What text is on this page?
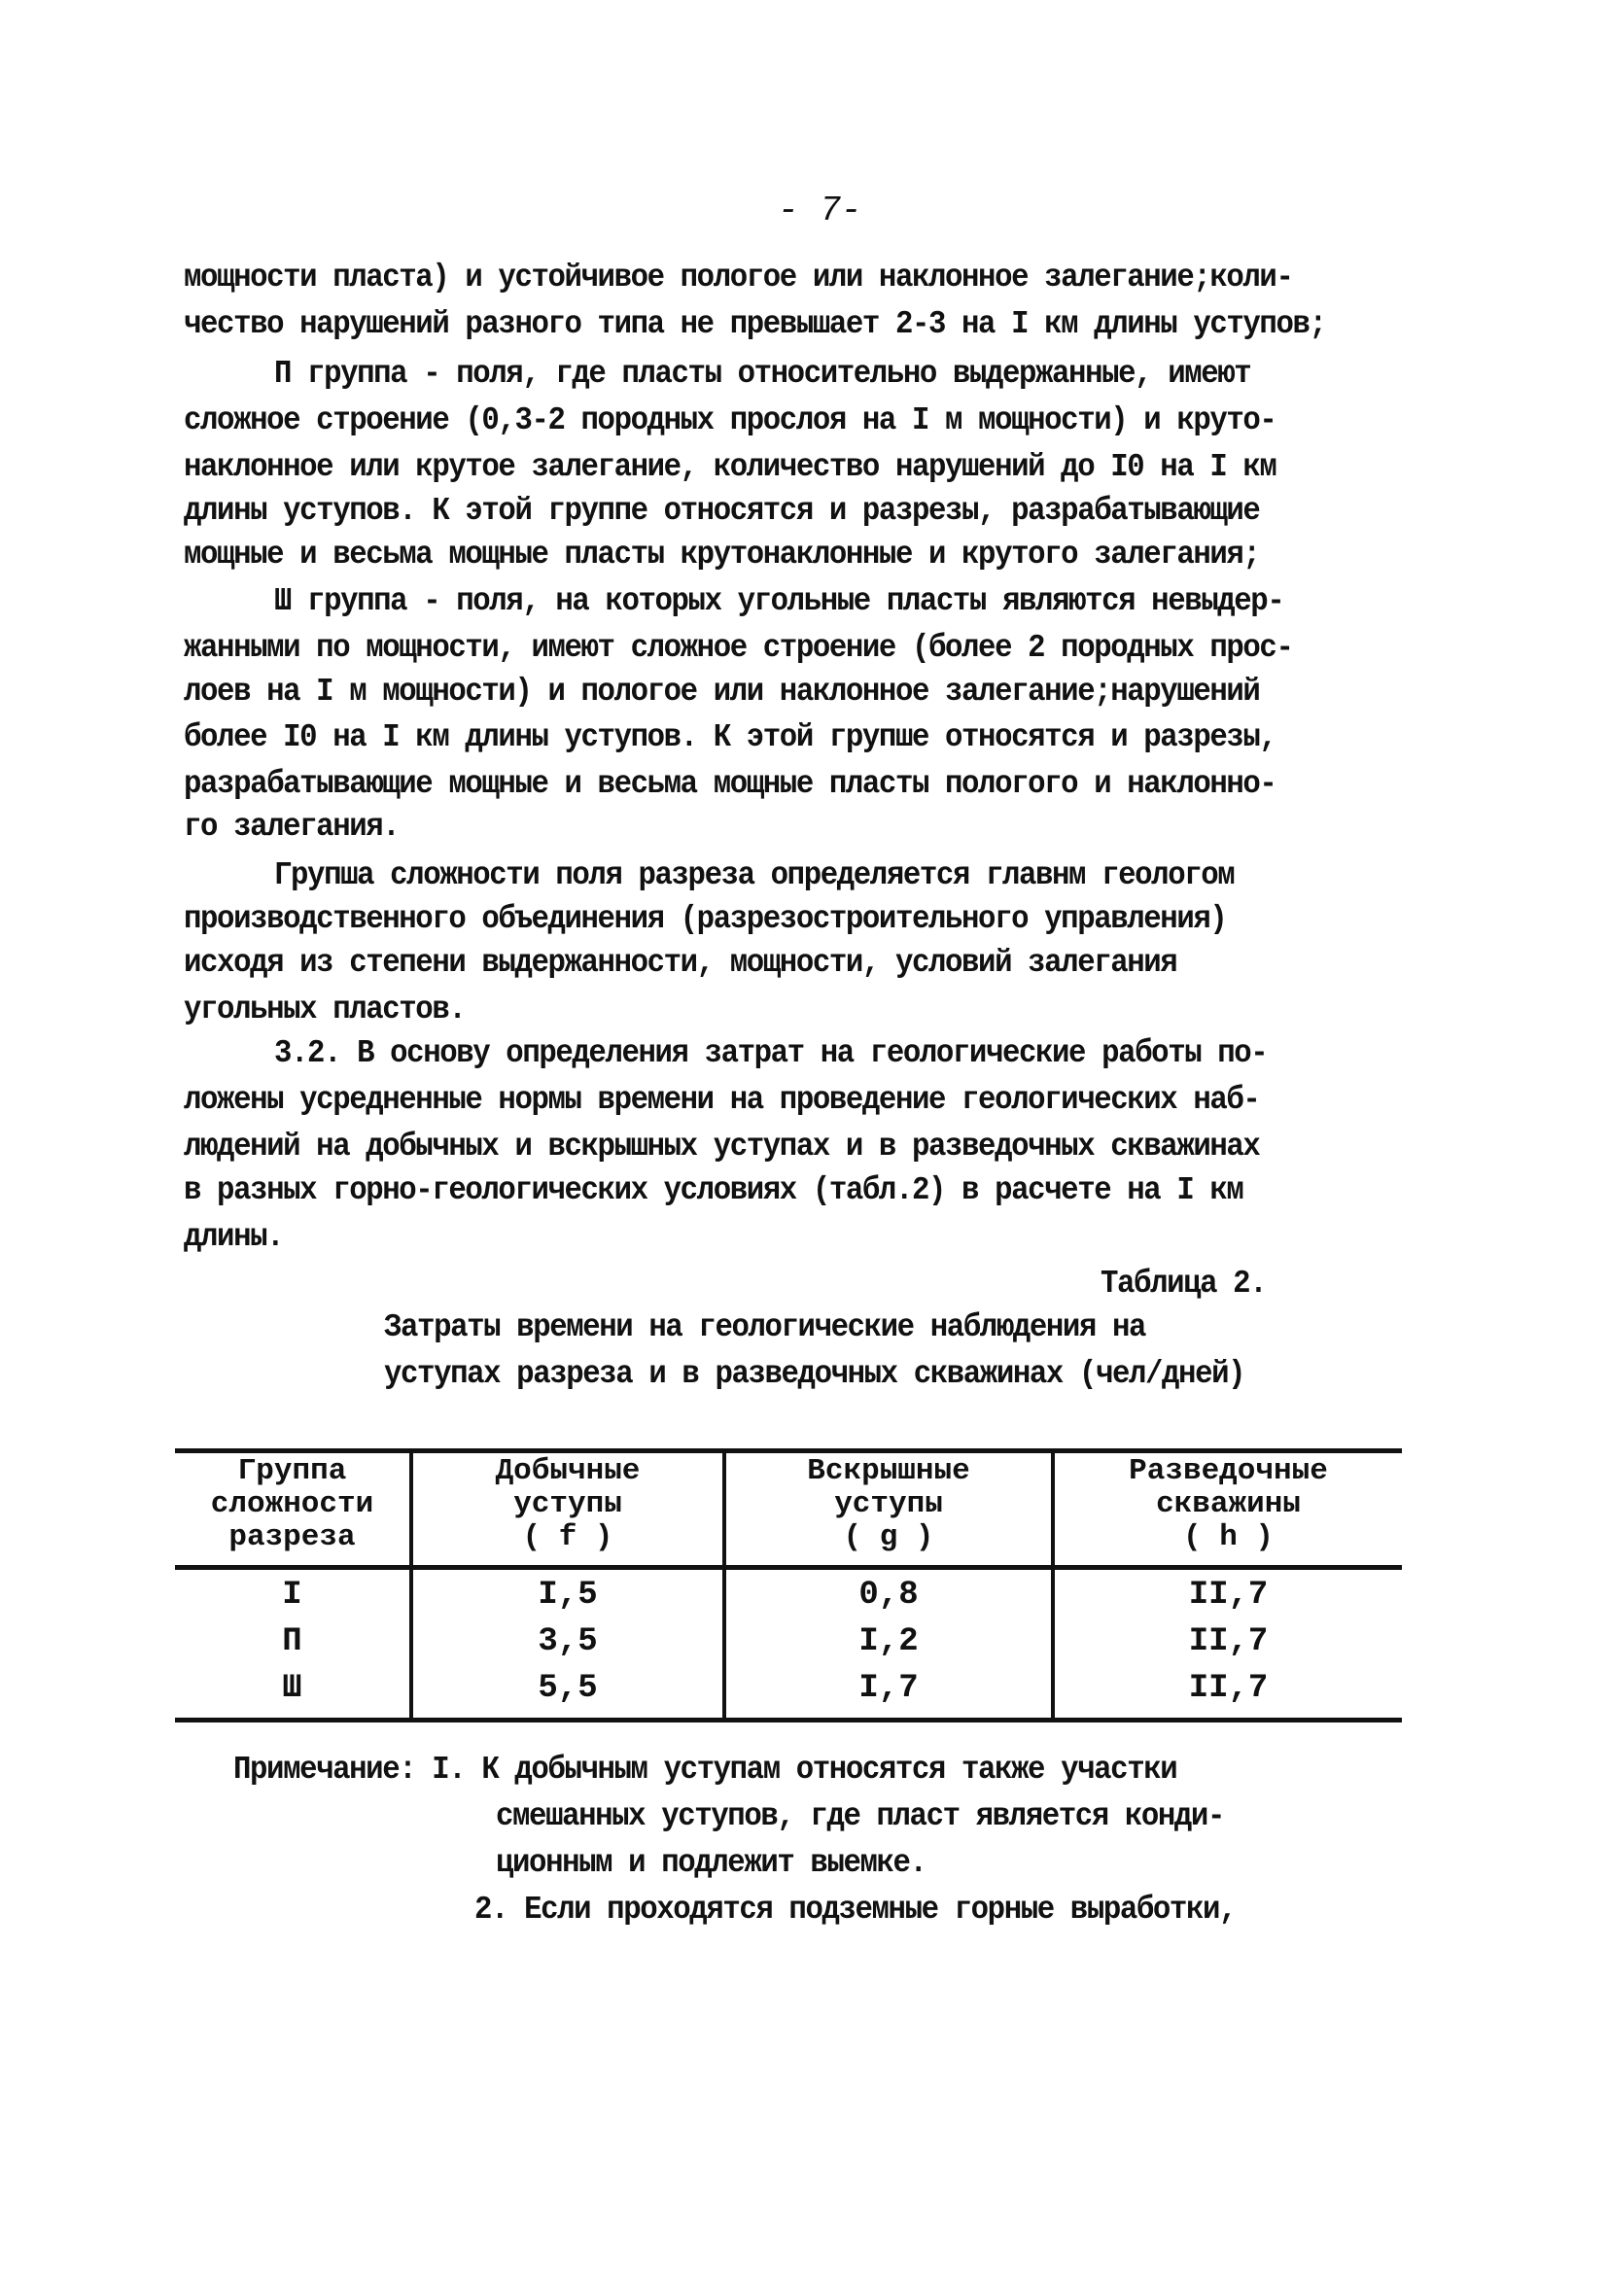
- 7-
мощности пласта) и устойчивое пологое или наклонное залегание;коли-
чество нарушений разного типа не превышает 2-3 на I км длины уступов;
П группа - поля, где пласты относительно выдержанные, имеют
сложное строение (0,3-2 породных прослоя на I м мощности) и круто-
наклонное или крутое залегание, количество нарушений до I0 на I км
длины уступов. К этой группе относятся и разрезы, разрабатывающие
мощные и весьма мощные пласты крутонаклонные и крутого залегания;
Ш группа - поля, на которых угольные пласты являются невыдер-
жанными по мощности, имеют сложное строение (более 2 породных прос-
лоев на I м мощности) и пологое или наклонное залегание;нарушений
более I0 на I км длины уступов. К этой групше относятся и разрезы,
разрабатывающие мощные и весьма мощные пласты пологого и наклонно-
го залегания.
Групша сложности поля разреза определяется главнм геологом
производственного объединения (разрезостроительного управления)
исходя из степени выдержанности, мощности, условий залегания
угольных пластов.
3.2. В основу определения затрат на геологические работы по-
ложены усредненные нормы времени на проведение геологических наб-
людений на добычных и вскрышных уступах и в разведочных скважинах
в разных горно-геологических условиях (табл.2) в расчете на I км
длины.
Таблица 2.
Затраты времени на геологические наблюдения на
уступах разреза и в разведочных скважинах (чел/дней)
Группа
сложности
разреза
I
П
Ш
Добычные
уступы
( f )
I,5
3,5
5,5
Вскрышные
уступы
( g )
0,8
I,2
I,7
Разведочные
скважины
( h )
II,7
II,7
II,7
Примечание: I. К добычным уступам относятся также участки
смешанных уступов, где пласт является конди-
ционным и подлежит выемке.
2. Если проходятся подземные горные выработки,
